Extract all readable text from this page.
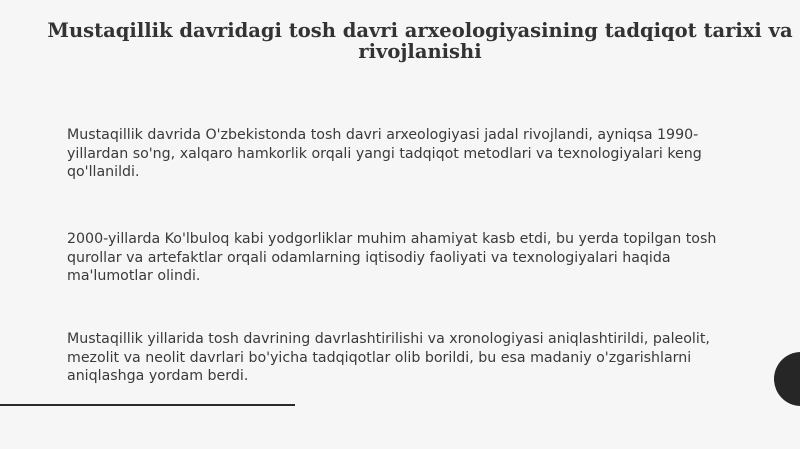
Mustaqillik davridagi tosh davri arxeologiyasining tadqiqot tarixi va rivojlanishi

Mustaqillik davrida O'zbekistonda tosh davri arxeologiyasi jadal rivojlandi, ayniqsa 1990-yillardan so'ng, xalqaro hamkorlik orqali yangi tadqiqot metodlari va texnologiyalari keng qo'llanildi.

2000-yillarda Ko'lbuloq kabi yodgorliklar muhim ahamiyat kasb etdi, bu yerda topilgan tosh qurollar va artefaktlar orqali odamlarning iqtisodiy faoliyati va texnologiyalari haqida ma'lumotlar olindi.

Mustaqillik yillarida tosh davrining davrlashtirilishi va xronologiyasi aniqlashtirildi, paleolit, mezolit va neolit davrlari bo'yicha tadqiqotlar olib borildi, bu esa madaniy o'zgarishlarni aniqlashga yordam berdi.
